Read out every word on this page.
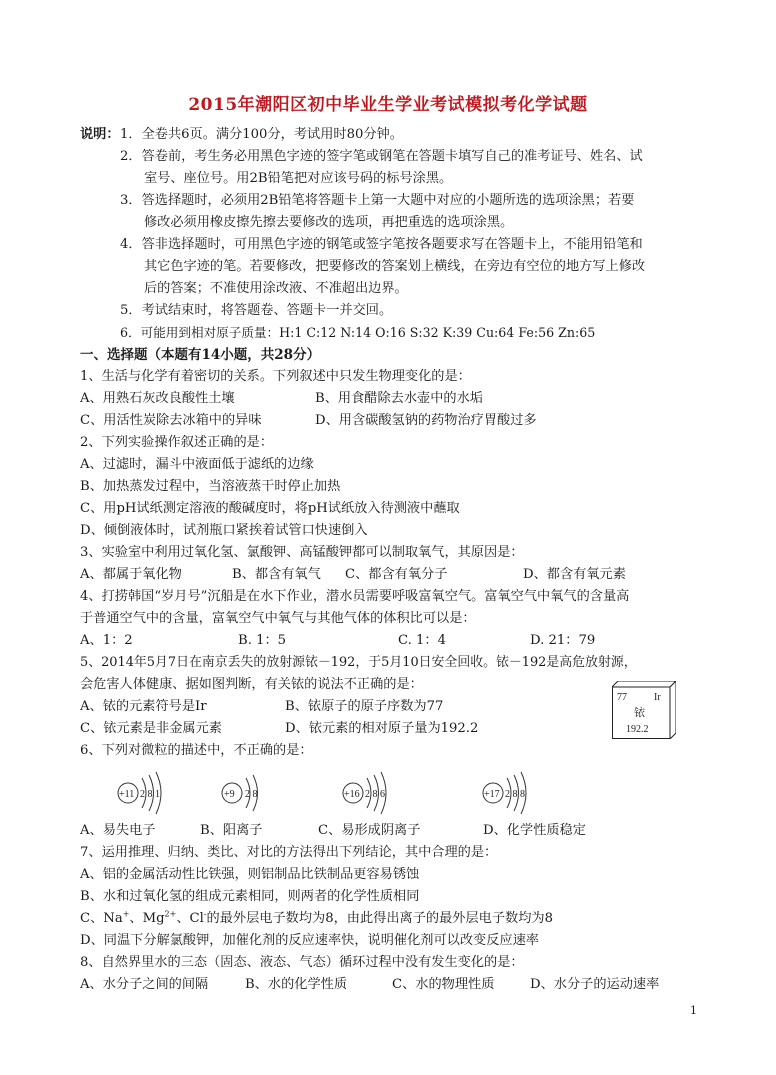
2015年潮阳区初中毕业生学业考试模拟考化学试题
说明： 1．全卷共6页。满分100分，考试用时80分钟。
2．答卷前，考生务必用黑色字迹的签字笔或钢笔在答题卡填写自己的准考证号、姓名、试
室号、座位号。用2B铅笔把对应该号码的标号涂黑。
3．答选择题时，必须用2B铅笔将答题卡上第一大题中对应的小题所选的选项涂黑；若要
修改必须用橡皮擦先擦去要修改的选项，再把重选的选项涂黑。
4．答非选择题时，可用黑色字迹的钢笔或签字笔按各题要求写在答题卡上，不能用铅笔和
其它色字迹的笔。若要修改，把要修改的答案划上横线，在旁边有空位的地方写上修改
后的答案；不准使用涂改液、不准超出边界。
5．考试结束时，将答题卷、答题卡一并交回。
6．可能用到相对原子质量：H:1 C:12 N:14 O:16 S:32 K:39 Cu:64 Fe:56 Zn:65
一、选择题（本题有14小题，共28分）
1、生活与化学有着密切的关系。下列叙述中只发生物理变化的是：
A、用熟石灰改良酸性土壤	B、用食醋除去水壶中的水垢
C、用活性炭除去冰箱中的异味	D、用含碳酸氢钠的药物治疗胃酸过多
2、下列实验操作叙述正确的是：
A、过滤时，漏斗中液面低于滤纸的边缘
B、加热蒸发过程中，当溶液蒸干时停止加热
C、用pH试纸测定溶液的酸碱度时，将pH试纸放入待测液中蘸取
D、倾倒液体时，试剂瓶口紧挨着试管口快速倒入
3、实验室中利用过氧化氢、氯酸钾、高锰酸钾都可以制取氧气，其原因是：
A、都属于氧化物	B、都含有氧气 C、都含有氧分子	D、都含有氧元素
4、打捞韩国“岁月号”沉船是在水下作业，潜水员需要呼吸富氧空气。富氧空气中氧气的含量高
于普通空气中的含量，富氧空气中氧气与其他气体的体积比可以是：
A、1：2	B. 1：5	C. 1：4	D. 21：79
5、2014年5月7日在南京丢失的放射源铱－192，于5月10日安全回收。铱－192是高危放射源，
会危害人体健康、据如图判断，有关铱的说法不正确的是：
A、铱的元素符号是Ir	B、铱原子的原子序数为77
C、铱元素是非金属元素	D、铱元素的相对原子量为192.2
77	Ir
铱
192.2
6、下列对微粒的描述中，不正确的是：
+11 2 8 1	+9 2 8	+16 2 8 6	+17 2 8 8
A、易失电子	B、阳离子	C、易形成阴离子	D、化学性质稳定
7、运用推理、归纳、类比、对比的方法得出下列结论，其中合理的是：
A、铝的金属活动性比铁强，则铝制品比铁制品更容易锈蚀
B、水和过氧化氢的组成元素相同，则两者的化学性质相同
C、Na+、$Mg^{2+}$、Cl-的最外层电子数均为8，由此得出离子的最外层电子数均为8
D、同温下分解氯酸钾，加催化剂的反应速率快，说明催化剂可以改变反应速率
8、自然界里水的三态（固态、液态、气态）循环过程中没有发生变化的是：
A、水分子之间的间隔	B、水的化学性质	C、水的物理性质	D、水分子的运动速率
1
